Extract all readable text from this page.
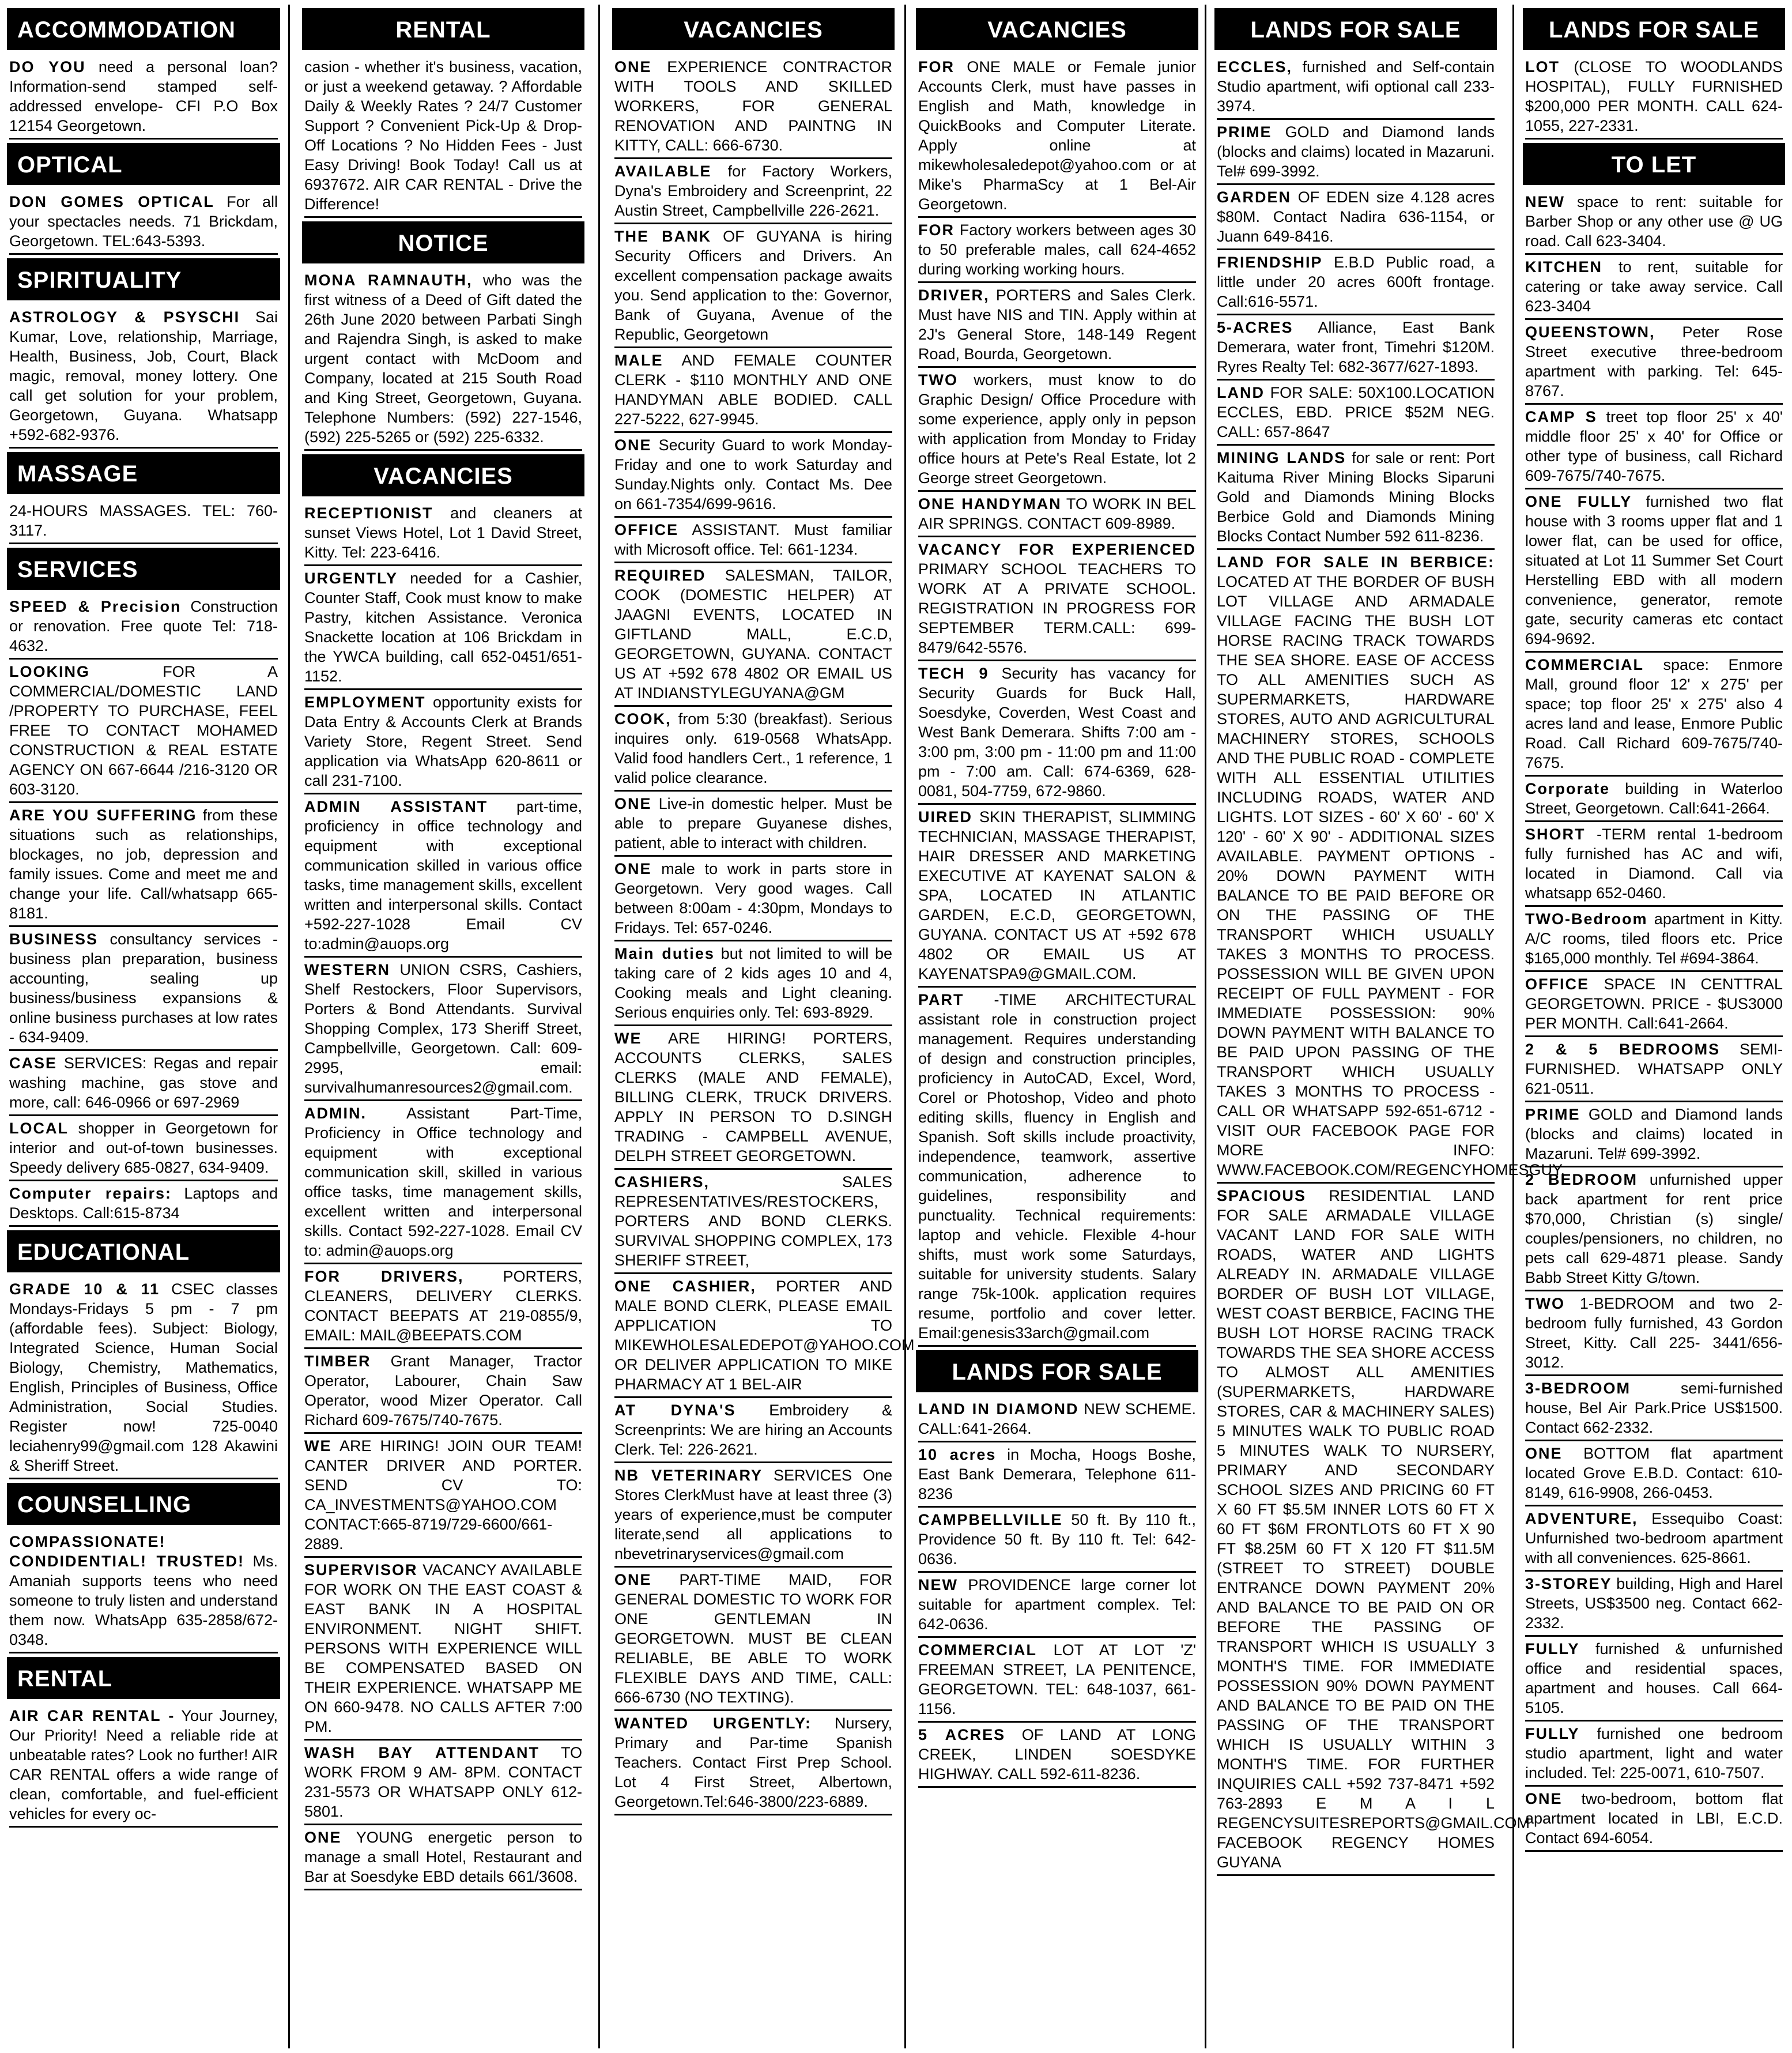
ACCOMMODATION
DO YOU need a personal loan? Information-send stamped self-addressed envelope- CFI P.O Box 12154 Georgetown.
OPTICAL
DON GOMES OPTICAL For all your spectacles needs. 71 Brickdam, Georgetown. TEL:643-5393.
SPIRITUALITY
ASTROLOGY & PSYSCHI Sai Kumar, Love, relationship, Marriage, Health, Business, Job, Court, Black magic, removal, money lottery. One call get solution for your problem, Georgetown, Guyana. Whatsapp +592-682-9376.
MASSAGE
24-HOURS MASSAGES. TEL: 760-3117.
SERVICES
SPEED & Precision Construction or renovation. Free quote Tel: 718-4632.
LOOKING	FOR A COMMERCIAL/DOMESTIC LAND /PROPERTY TO PURCHASE, FEEL FREE TO CONTACT MOHAMED CONSTRUCTION & REAL ESTATE AGENCY ON 667-6644 /216-3120 OR 603-3120.
ARE YOU SUFFERING from these situations such as relationships, blockages, no job, depression and family issues. Come and meet me and change your life. Call/whatsapp 665-8181.
BUSINESS consultancy services - business plan preparation, business accounting, sealing up business/business expansions & online business purchases at low rates - 634-9409.
CASE SERVICES: Regas and repair washing machine, gas stove and more, call: 646-0966 or 697-2969
LOCAL shopper in Georgetown for interior and out-of-town businesses. Speedy delivery 685-0827, 634-9409.
Computer repairs: Laptops and Desktops. Call:615-8734
EDUCATIONAL
GRADE 10 & 11 CSEC classes Mondays-Fridays 5 pm - 7 pm (affordable fees). Subject: Biology, Integrated Science, Human Social Biology, Chemistry, Mathematics, English, Principles of Business, Office Administration, Social Studies. Register now! 725-0040 leciahenry99@gmail.com 128 Akawini & Sheriff Street.
COUNSELLING
COMPASSIONATE! CONDIDENTIAL! TRUSTED! Ms. Amaniah supports teens who need someone to truly listen and understand them now. WhatsApp 635-2858/672-0348.
RENTAL
AIR CAR RENTAL - Your Journey, Our Priority! Need a reliable ride at unbeatable rates? Look no further! AIR CAR RENTAL offers a wide range of clean, comfortable, and fuel-efficient vehicles for every oc-
RENTAL
casion - whether it's business, vacation, or just a weekend getaway. ? Affordable Daily & Weekly Rates ? 24/7 Customer Support ? Convenient Pick-Up & Drop-Off Locations ? No Hidden Fees - Just Easy Driving! Book Today! Call us at 6937672. AIR CAR RENTAL - Drive the Difference!
NOTICE
MONA RAMNAUTH, who was the first witness of a Deed of Gift dated the 26th June 2020 between Parbati Singh and Rajendra Singh, is asked to make urgent contact with McDoom and Company, located at 215 South Road and King Street, Georgetown, Guyana. Telephone Numbers: (592) 227-1546, (592) 225-5265 or (592) 225-6332.
VACANCIES
RECEPTIONIST and cleaners at sunset Views Hotel, Lot 1 David Street, Kitty. Tel: 223-6416.
URGENTLY needed for a Cashier, Counter Staff, Cook must know to make Pastry, kitchen Assistance. Veronica Snackette location at 106 Brickdam in the YWCA building, call 652-0451/651-1152.
EMPLOYMENT opportunity exists for Data Entry & Accounts Clerk at Brands Variety Store, Regent Street. Send application via WhatsApp 620-8611 or call 231-7100.
ADMIN ASSISTANT part-time, proficiency in office technology and equipment with exceptional communication skilled in various office tasks, time management skills, excellent written and interpersonal skills. Contact +592-227-1028 Email CV to:admin@auops.org
WESTERN UNION CSRS, Cashiers, Shelf Restockers, Floor Supervisors, Porters & Bond Attendants. Survival Shopping Complex, 173 Sheriff Street, Campbellville, Georgetown. Call: 609-2995, email: survivalhumanresources2@gmail.com.
ADMIN.	Assistant Part-Time, Proficiency in Office technology and equipment with exceptional communication skill, skilled in various office tasks, time management skills, excellent written and interpersonal skills. Contact 592-227-1028. Email CV to: admin@auops.org
FOR DRIVERS,	PORTERS, CLEANERS, DELIVERY CLERKS. CONTACT BEEPATS AT 219-0855/9, EMAIL: MAIL@BEEPATS.COM
TIMBER Grant Manager, Tractor Operator, Labourer, Chain Saw Operator, wood Mizer Operator. Call Richard 609-7675/740-7675.
WE ARE HIRING! JOIN OUR TEAM! CANTER DRIVER AND PORTER. SEND CV TO: CA_INVESTMENTS@YAHOO.COM CONTACT:665-8719/729-6600/661-2889.
SUPERVISOR VACANCY AVAILABLE FOR WORK ON THE EAST COAST & EAST BANK IN A HOSPITAL ENVIRONMENT. NIGHT SHIFT. PERSONS WITH EXPERIENCE WILL BE COMPENSATED BASED ON THEIR EXPERIENCE. WHATSAPP ME ON 660-9478. NO CALLS AFTER 7:00 PM.
WASH BAY ATTENDANT TO WORK FROM 9 AM- 8PM. CONTACT 231-5573 OR WHATSAPP ONLY 612-5801.
ONE YOUNG energetic person to manage a small Hotel, Restaurant and Bar at Soesdyke EBD details 661/3608.
VACANCIES
ONE EXPERIENCE CONTRACTOR WITH TOOLS AND SKILLED WORKERS, FOR GENERAL RENOVATION AND PAINTNG IN KITTY, CALL: 666-6730.
AVAILABLE for Factory Workers, Dyna's Embroidery and Screenprint, 22 Austin Street, Campbellville 226-2621.
THE BANK OF GUYANA is hiring Security Officers and Drivers. An excellent compensation package awaits you. Send application to the: Governor, Bank of Guyana, Avenue of the Republic, Georgetown
MALE AND FEMALE COUNTER CLERK - $110 MONTHLY AND ONE HANDYMAN ABLE BODIED. CALL 227-5222, 627-9945.
ONE Security Guard to work Monday-Friday and one to work Saturday and Sunday.Nights only. Contact Ms. Dee on 661-7354/699-9616.
OFFICE ASSISTANT. Must familiar with Microsoft office. Tel: 661-1234.
REQUIRED SALESMAN, TAILOR, COOK (DOMESTIC HELPER) AT JAAGNI EVENTS, LOCATED IN GIFTLAND MALL, E.C.D, GEORGETOWN, GUYANA. CONTACT US AT +592 678 4802 OR EMAIL US AT INDIANSTYLEGUYANA@GM
COOK, from 5:30 (breakfast). Serious inquires only. 619-0568 WhatsApp. Valid food handlers Cert., 1 reference, 1 valid police clearance.
ONE Live-in domestic helper. Must be able to prepare Guyanese dishes, patient, able to interact with children.
ONE male to work in parts store in Georgetown. Very good wages. Call between 8:00am - 4:30pm, Mondays to Fridays. Tel: 657-0246.
Main duties but not limited to will be taking care of 2 kids ages 10 and 4, Cooking meals and Light cleaning. Serious enquiries only. Tel: 693-8929.
WE ARE HIRING! PORTERS, ACCOUNTS CLERKS, SALES CLERKS (MALE AND FEMALE), BILLING CLERK, TRUCK DRIVERS. APPLY IN PERSON TO D.SINGH TRADING - CAMPBELL AVENUE, DELPH STREET GEORGETOWN.
CASHIERS,	SALES REPRESENTATIVES/RESTOCKERS, PORTERS AND BOND CLERKS. SURVIVAL SHOPPING COMPLEX, 173 SHERIFF STREET,
ONE CASHIER, PORTER AND MALE BOND CLERK, PLEASE EMAIL APPLICATION TO MIKEWHOLESALEDEPOT@YAHOO.COM OR DELIVER APPLICATION TO MIKE PHARMACY AT 1 BEL-AIR
AT DYNA'S Embroidery & Screenprints: We are hiring an Accounts Clerk. Tel: 226-2621.
NB VETERINARY SERVICES One Stores ClerkMust have at least three (3) years of experience,must be computer literate,send all applications to nbevetrinaryservices@gmail.com
ONE PART-TIME MAID, FOR GENERAL DOMESTIC TO WORK FOR ONE GENTLEMAN IN GEORGETOWN. MUST BE CLEAN RELIABLE, BE ABLE TO WORK FLEXIBLE DAYS AND TIME, CALL: 666-6730 (NO TEXTING).
WANTED URGENTLY: Nursery, Primary and Par-time Spanish Teachers. Contact First Prep School. Lot 4 First Street, Albertown, Georgetown.Tel:646-3800/223-6889.
VACANCIES
FOR ONE MALE or Female junior Accounts Clerk, must have passes in English and Math, knowledge in QuickBooks and Computer Literate. Apply online at mikewholesaledepot@yahoo.com or at Mike's PharmaScy at 1 Bel-Air Georgetown.
FOR Factory workers between ages 30 to 50 preferable males, call 624-4652 during working working hours.
DRIVER, PORTERS and Sales Clerk. Must have NIS and TIN. Apply within at 2J's General Store, 148-149 Regent Road, Bourda, Georgetown.
TWO workers, must know to do Graphic Design/ Office Procedure with some experience, apply only in pepson with application from Monday to Friday office hours at Pete's Real Estate, lot 2 George street Georgetown.
ONE HANDYMAN TO WORK IN BEL AIR SPRINGS. CONTACT 609-8989.
VACANCY FOR EXPERIENCED PRIMARY SCHOOL TEACHERS TO WORK AT A PRIVATE SCHOOL. REGISTRATION IN PROGRESS FOR SEPTEMBER TERM.CALL: 699-8479/642-5576.
TECH 9 Security has vacancy for Security Guards for Buck Hall, Soesdyke, Coverden, West Coast and West Bank Demerara. Shifts 7:00 am - 3:00 pm, 3:00 pm - 11:00 pm and 11:00 pm - 7:00 am. Call: 674-6369, 628-0081, 504-7759, 672-9860.
UIRED SKIN THERAPIST, SLIMMING TECHNICIAN, MASSAGE THERAPIST, HAIR DRESSER AND MARKETING EXECUTIVE AT KAYENAT SALON & SPA, LOCATED IN ATLANTIC GARDEN, E.C.D, GEORGETOWN, GUYANA. CONTACT US AT +592 678 4802 OR EMAIL US AT KAYENATSPA9@GMAIL.COM.
PART -TIME ARCHITECTURAL assistant role in construction project management. Requires understanding of design and construction principles, proficiency in AutoCAD, Excel, Word, Corel or Photoshop, Video and photo editing skills, fluency in English and Spanish. Soft skills include proactivity, independence, teamwork, assertive communication, adherence to guidelines, responsibility and punctuality. Technical requirements: laptop and vehicle. Flexible 4-hour shifts, must work some Saturdays, suitable for university students. Salary range 75k-100k. application requires resume, portfolio and cover letter. Email:genesis33arch@gmail.com
LANDS FOR SALE
LAND IN DIAMOND NEW SCHEME. CALL:641-2664.
10 acres in Mocha, Hoogs Boshe, East Bank Demerara, Telephone 611-8236
CAMPBELLVILLE 50 ft. By 110 ft., Providence 50 ft. By 110 ft. Tel: 642-0636.
NEW PROVIDENCE large corner lot suitable for apartment complex. Tel: 642-0636.
COMMERCIAL LOT AT LOT 'Z' FREEMAN STREET, LA PENITENCE, GEORGETOWN. TEL: 648-1037, 661-1156.
5 ACRES OF LAND AT LONG CREEK, LINDEN SOESDYKE HIGHWAY. CALL 592-611-8236.
LANDS FOR SALE
ECCLES, furnished and Self-contain Studio apartment, wifi optional call 233-3974.
PRIME GOLD and Diamond lands (blocks and claims) located in Mazaruni. Tel# 699-3992.
GARDEN OF EDEN size 4.128 acres $80M. Contact Nadira 636-1154, or Juann 649-8416.
FRIENDSHIP E.B.D Public road, a little under 20 acres 600ft frontage. Call:616-5571.
5-ACRES Alliance, East Bank Demerara, water front, Timehri $120M. Ryres Realty Tel: 682-3677/627-1893.
LAND FOR SALE: 50X100.LOCATION ECCLES, EBD. PRICE $52M NEG. CALL: 657-8647
MINING LANDS for sale or rent: Port Kaituma River Mining Blocks Siparuni Gold and Diamonds Mining Blocks Berbice Gold and Diamonds Mining Blocks Contact Number 592 611-8236.
LAND FOR SALE IN BERBICE: LOCATED AT THE BORDER OF BUSH LOT VILLAGE AND ARMADALE VILLAGE FACING THE BUSH LOT HORSE RACING TRACK TOWARDS THE SEA SHORE. EASE OF ACCESS TO ALL AMENITIES SUCH AS SUPERMARKETS, HARDWARE STORES, AUTO AND AGRICULTURAL MACHINERY STORES, SCHOOLS AND THE PUBLIC ROAD - COMPLETE WITH ALL ESSENTIAL UTILITIES INCLUDING ROADS, WATER AND LIGHTS. LOT SIZES - 60' X 60' - 60' X 120' - 60' X 90' - ADDITIONAL SIZES AVAILABLE. PAYMENT OPTIONS - 20% DOWN PAYMENT WITH BALANCE TO BE PAID BEFORE OR ON THE PASSING OF THE TRANSPORT WHICH USUALLY TAKES 3 MONTHS TO PROCESS. POSSESSION WILL BE GIVEN UPON RECEIPT OF FULL PAYMENT - FOR IMMEDIATE POSSESSION: 90% DOWN PAYMENT WITH BALANCE TO BE PAID UPON PASSING OF THE TRANSPORT WHICH USUALLY TAKES 3 MONTHS TO PROCESS - CALL OR WHATSAPP 592-651-6712 - VISIT OUR FACEBOOK PAGE FOR MORE INFO: WWW.FACEBOOK.COM/REGENCYHOMESGUY.
SPACIOUS RESIDENTIAL LAND FOR SALE ARMADALE VILLAGE VACANT LAND FOR SALE WITH ROADS, WATER AND LIGHTS ALREADY IN. ARMADALE VILLAGE BORDER OF BUSH LOT VILLAGE, WEST COAST BERBICE, FACING THE BUSH LOT HORSE RACING TRACK TOWARDS THE SEA SHORE ACCESS TO ALMOST ALL AMENITIES (SUPERMARKETS, HARDWARE STORES, CAR & MACHINERY SALES) 5 MINUTES WALK TO PUBLIC ROAD 5 MINUTES WALK TO NURSERY, PRIMARY AND SECONDARY SCHOOL SIZES AND PRICING 60 FT X 60 FT $5.5M INNER LOTS 60 FT X 60 FT $6M FRONTLOTS 60 FT X 90 FT $8.25M 60 FT X 120 FT $11.5M (STREET TO STREET) DOUBLE ENTRANCE DOWN PAYMENT 20% AND BALANCE TO BE PAID ON OR BEFORE THE PASSING OF TRANSPORT WHICH IS USUALLY 3 MONTH'S TIME. FOR IMMEDIATE POSSESSION 90% DOWN PAYMENT AND BALANCE TO BE PAID ON THE PASSING OF THE TRANSPORT WHICH IS USUALLY WITHIN 3 MONTH'S TIME. FOR FURTHER INQUIRIES CALL +592 737-8471 +592 763-2893 E M A I L REGENCYSUITESREPORTS@GMAIL.COM FACEBOOK REGENCY HOMES GUYANA
LANDS FOR SALE
LOT (CLOSE TO WOODLANDS HOSPITAL), FULLY FURNISHED $200,000 PER MONTH. CALL 624-1055, 227-2331.
TO LET
NEW space to rent: suitable for Barber Shop or any other use @ UG road. Call 623-3404.
KITCHEN to rent, suitable for catering or take away service. Call 623-3404
QUEENSTOWN, Peter Rose Street executive three-bedroom apartment with parking. Tel: 645-8767.
CAMP S treet top floor 25' x 40' middle floor 25' x 40' for Office or other type of business, call Richard 609-7675/740-7675.
ONE FULLY furnished two flat house with 3 rooms upper flat and 1 lower flat, can be used for office, situated at Lot 11 Summer Set Court Herstelling EBD with all modern convenience, generator, remote gate, security cameras etc contact 694-9692.
COMMERCIAL space: Enmore Mall, ground floor 12' x 275' per space; top floor 25' x 275' also 4 acres land and lease, Enmore Public Road. Call Richard 609-7675/740-7675.
Corporate building in Waterloo Street, Georgetown. Call:641-2664.
SHORT -TERM rental 1-bedroom fully furnished has AC and wifi, located in Diamond. Call via whatsapp 652-0460.
TWO-Bedroom apartment in Kitty. A/C rooms, tiled floors etc. Price $165,000 monthly. Tel #694-3864.
OFFICE SPACE IN CENTTRAL GEORGETOWN. PRICE - $US3000 PER MONTH. Call:641-2664.
2 & 5 BEDROOMS SEMI-FURNISHED. WHATSAPP ONLY 621-0511.
PRIME GOLD and Diamond lands (blocks and claims) located in Mazaruni. Tel# 699-3992.
2 BEDROOM unfurnished upper back apartment for rent price $70,000, Christian (s) single/ couples/pensioners, no children, no pets call 629-4871 please. Sandy Babb Street Kitty G/town.
TWO 1-BEDROOM and two 2-bedroom fully furnished, 43 Gordon Street, Kitty. Call 225- 3441/656-3012.
3-BEDROOM	semi-furnished house, Bel Air Park.Price US$1500. Contact 662-2332.
ONE BOTTOM flat apartment located Grove E.B.D. Contact: 610-8149, 616-9908, 266-0453.
ADVENTURE, Essequibo Coast: Unfurnished two-bedroom apartment with all conveniences. 625-8661.
3-STOREY building, High and Harel Streets, US$3500 neg. Contact 662-2332.
FULLY furnished & unfurnished office and residential spaces, apartment and houses. Call 664-5105.
FULLY furnished one bedroom studio apartment, light and water included. Tel: 225-0071, 610-7507.
ONE two-bedroom, bottom flat apartment located in LBI, E.C.D. Contact 694-6054.
